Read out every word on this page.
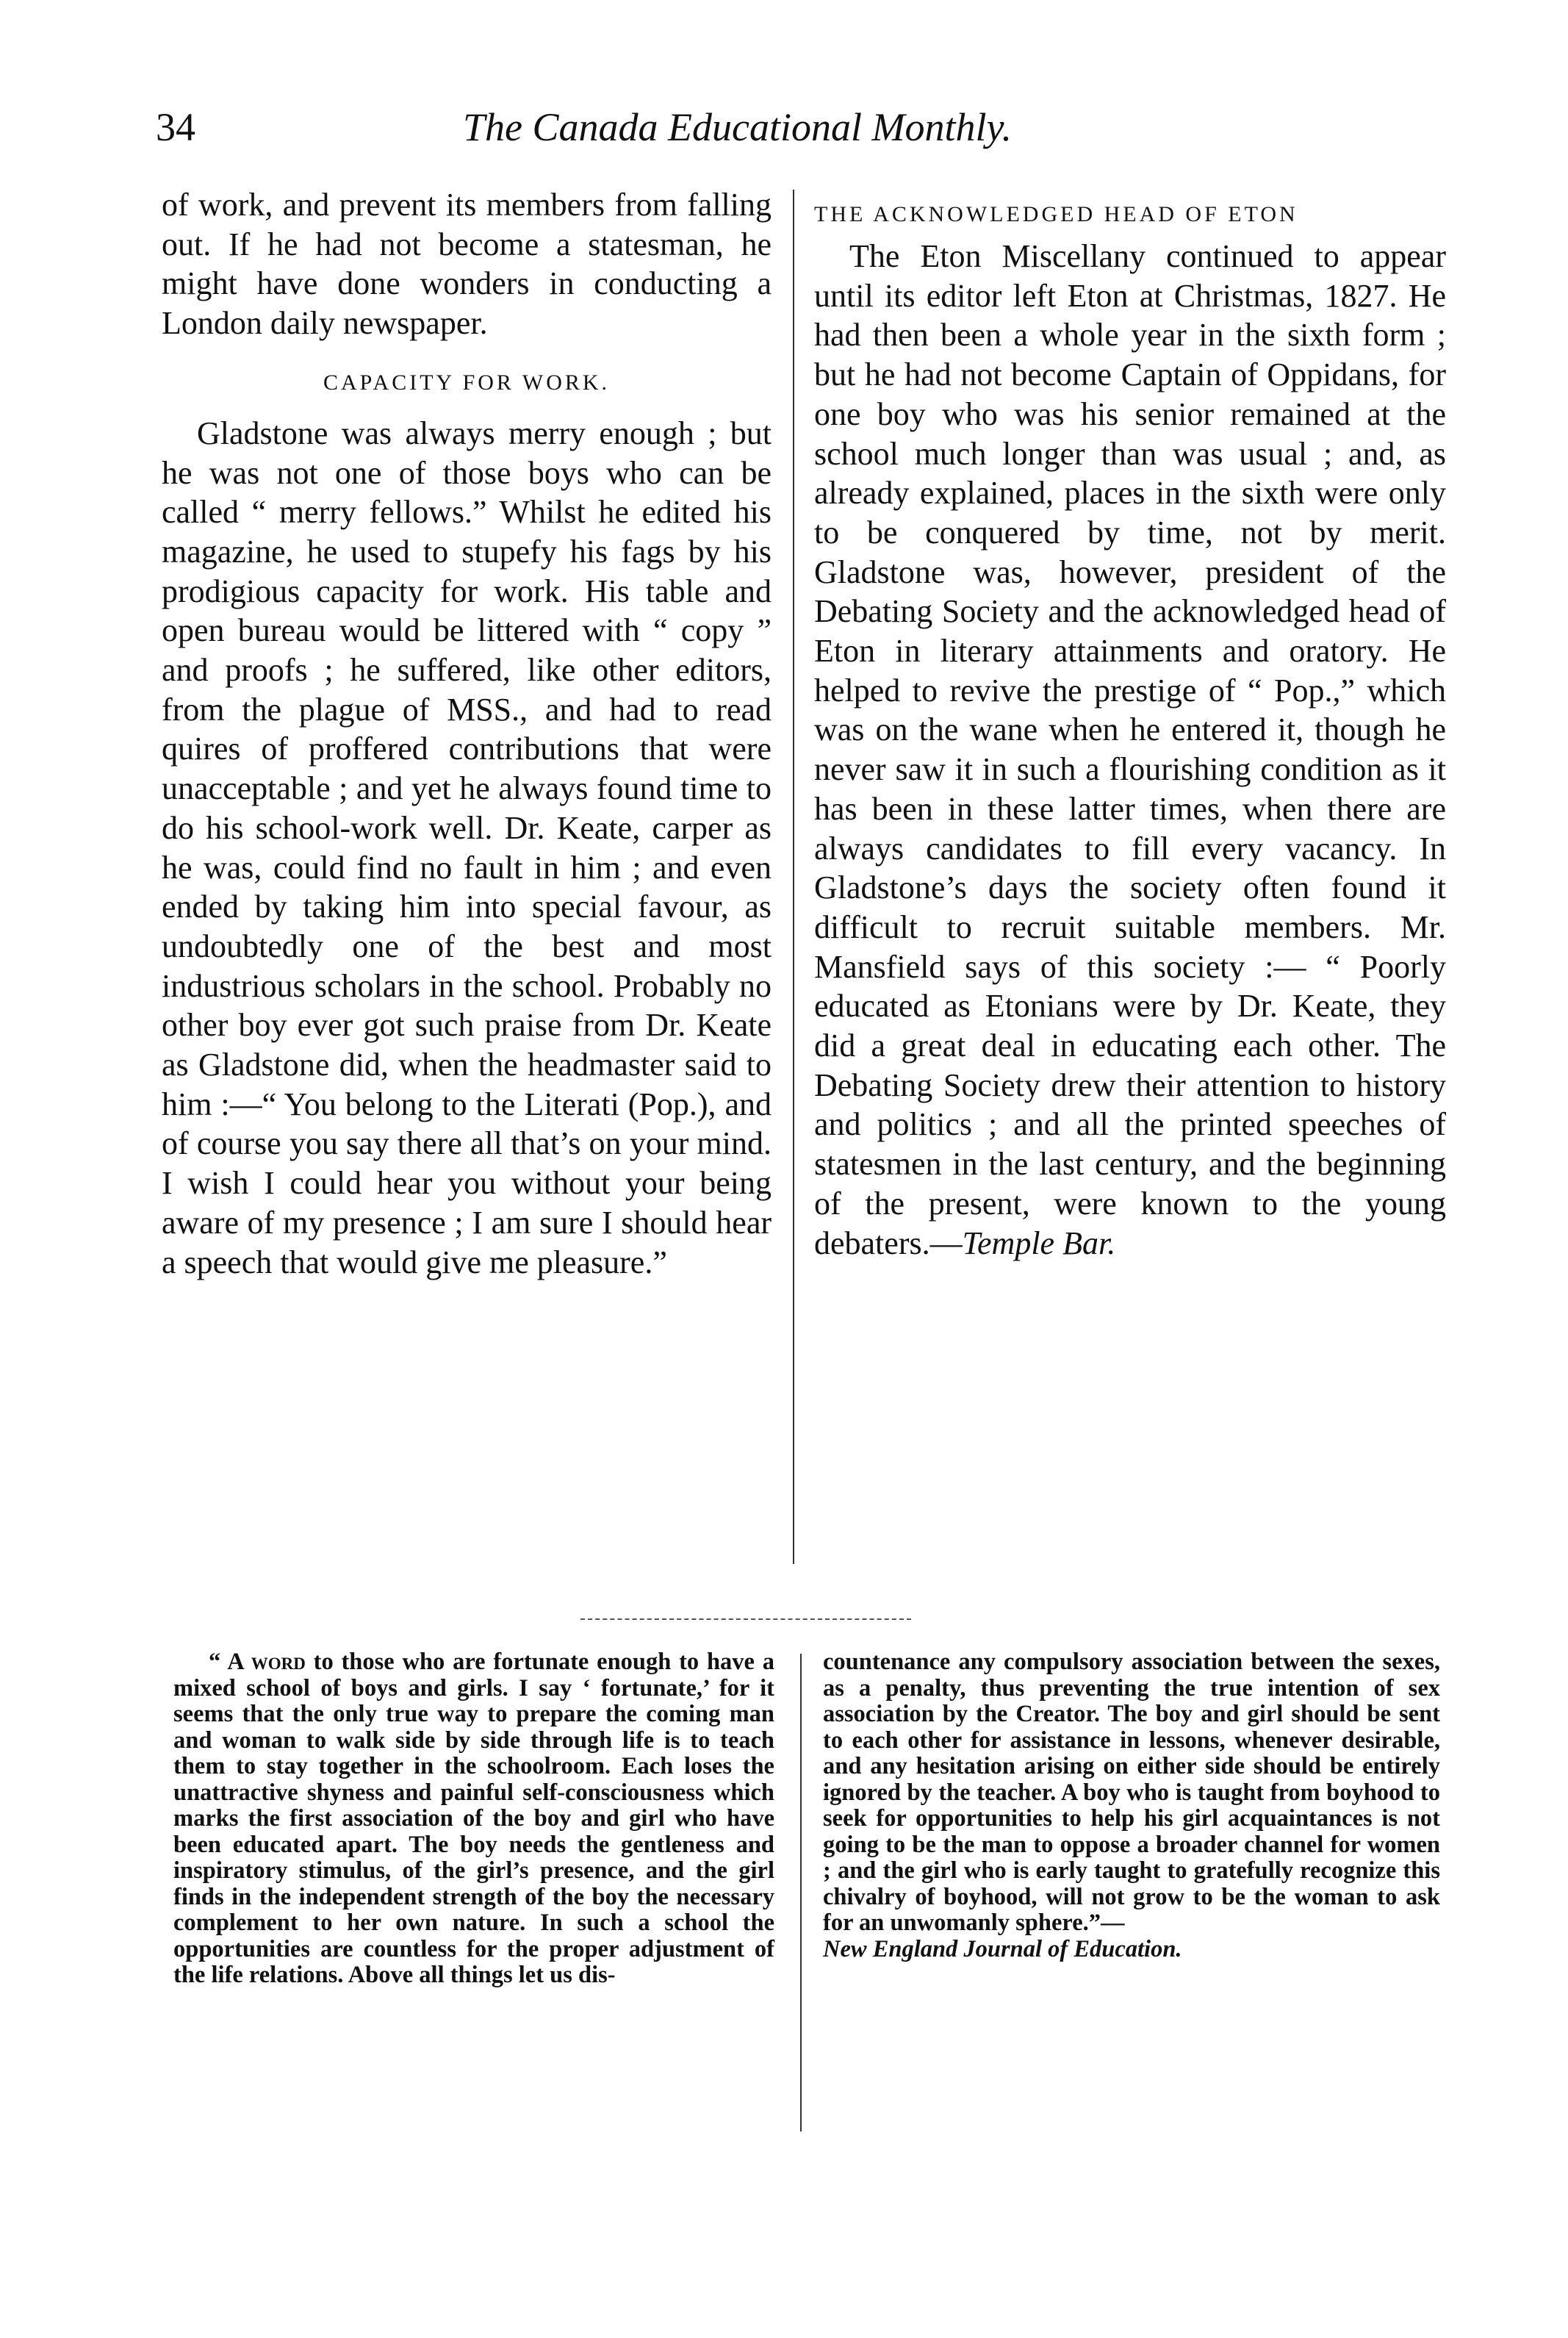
34	The Canada Educational Monthly.

of work, and prevent its members from falling out. If he had not become a statesman, he might have done wonders in conducting a London daily newspaper.

CAPACITY FOR WORK.

Gladstone was always merry enough ; but he was not one of those boys who can be called “ merry fellows.” Whilst he edited his magazine, he used to stupefy his fags by his prodigious capacity for work. His table and open bureau would be littered with “ copy ” and proofs ; he suffered, like other editors, from the plague of MSS., and had to read quires of proffered contributions that were unacceptable ; and yet he always found time to do his school-work well. Dr. Keate, carper as he was, could find no fault in him ; and even ended by taking him into special favour, as undoubtedly one of the best and most industrious scholars in the school. Probably no other boy ever got such praise from Dr. Keate as Gladstone did, when the headmaster said to him :—“ You belong to the Literati (Pop.), and of course you say there all that’s on your mind. I wish I could hear you without your being aware of my presence ; I am sure I should hear a speech that would give me pleasure.”

THE ACKNOWLEDGED HEAD OF ETON

The Eton Miscellany continued to appear until its editor left Eton at Christmas, 1827. He had then been a whole year in the sixth form ; but he had not become Captain of Oppidans, for one boy who was his senior remained at the school much longer than was usual ; and, as already explained, places in the sixth were only to be conquered by time, not by merit. Gladstone was, however, president of the Debating Society and the acknowledged head of Eton in literary attainments and oratory. He helped to revive the prestige of “ Pop.,” which was on the wane when he entered it, though he never saw it in such a flourishing condition as it has been in these latter times, when there are always candidates to fill every vacancy. In Gladstone’s days the society often found it difficult to recruit suitable members. Mr. Mansfield says of this society :— “ Poorly educated as Etonians were by Dr. Keate, they did a great deal in educating each other. The Debating Society drew their attention to history and politics ; and all the printed speeches of statesmen in the last century, and the beginning of the present, were known to the young debaters.—Temple Bar.

“ A word to those who are fortunate enough to have a mixed school of boys and girls. I say ‘ fortunate,’ for it seems that the only true way to prepare the coming man and woman to walk side by side through life is to teach them to stay together in the schoolroom. Each loses the unattractive shyness and painful self-consciousness which marks the first association of the boy and girl who have been educated apart. The boy needs the gentleness and inspiratory stimulus, of the girl’s presence, and the girl finds in the independent strength of the boy the necessary complement to her own nature. In such a school the opportunities are countless for the proper adjustment of the life relations. Above all things let us dis-

countenance any compulsory association between the sexes, as a penalty, thus preventing the true intention of sex association by the Creator. The boy and girl should be sent to each other for assistance in lessons, whenever desirable, and any hesitation arising on either side should be entirely ignored by the teacher. A boy who is taught from boyhood to seek for opportunities to help his girl acquaintances is not going to be the man to oppose a broader channel for women ; and the girl who is early taught to gratefully recognize this chivalry of boyhood, will not grow to be the woman to ask for an unwomanly sphere.”—
New England Journal of Education.
